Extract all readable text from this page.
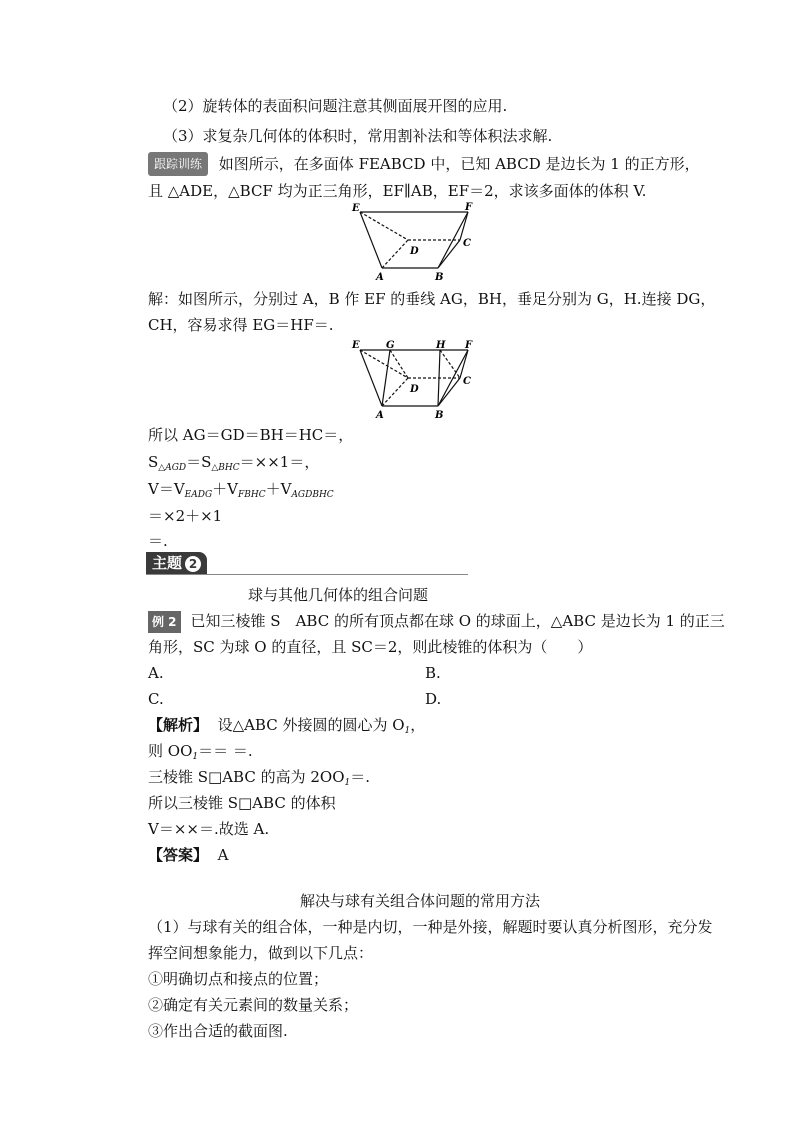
（2）旋转体的表面积问题注意其侧面展开图的应用.
（3）求复杂几何体的体积时，常用割补法和等体积法求解.
跟踪训练 如图所示，在多面体 FEABCD 中，已知 ABCD 是边长为 1 的正方形，
且 △ADE，△BCF 均为正三角形，EF∥AB，EF＝2，求该多面体的体积 V.
E	F
C
D
A	B
解：如图所示，分别过 A，B 作 EF 的垂线 AG，BH，垂足分别为 G，H.连接 DG，
CH，容易求得 EG＝HF＝.
E	G	H F
C
D
A	B
所以 AG＝GD＝BH＝HC＝，
$S_{\triangle AGD}=S_{\triangle BHC}=\times\times 1=$，
$V=V_{EADG}+V_{FBHC}+V_{AGDBHC}$
＝×2＋×1
＝.
主题 2
球与其他几何体的组合问题
例 2 已知三棱锥 S　ABC 的所有顶点都在球 O 的球面上，△ABC 是边长为 1 的正三
角形，SC 为球 O 的直径，且 SC＝2，则此棱锥的体积为（　　）
A.	B.
C.	D.
【解析】 设△ABC 外接圆的圆心为 $O_1$，
则 $OO_1==$ ＝.
三棱锥 S□ABC 的高为 $2OO_1=$.
所以三棱锥 S□ABC 的体积
V＝××＝.故选 A.
【答案】 A
解决与球有关组合体问题的常用方法
（1）与球有关的组合体，一种是内切，一种是外接，解题时要认真分析图形，充分发
挥空间想象能力，做到以下几点：
①明确切点和接点的位置；
②确定有关元素间的数量关系；
③作出合适的截面图.
